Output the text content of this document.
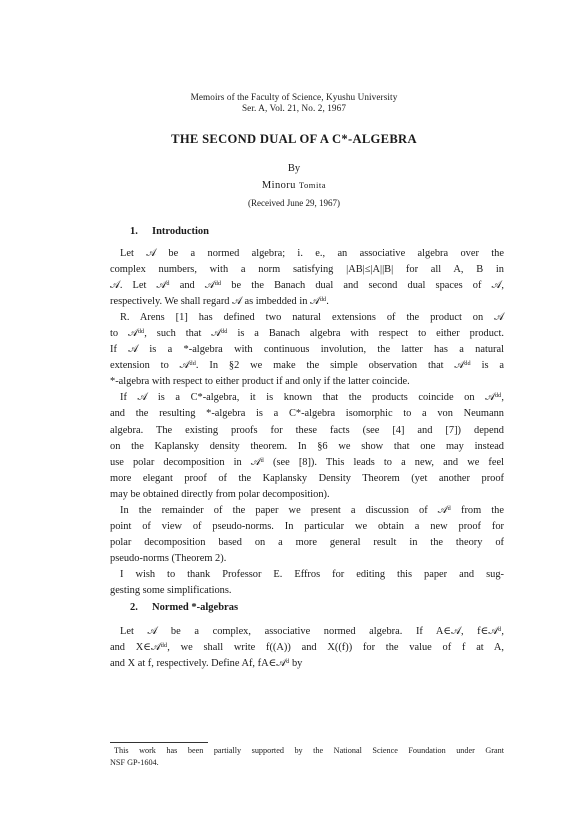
Memoirs of the Faculty of Science, Kyushu University
Ser. A, Vol. 21, No. 2, 1967
THE SECOND DUAL OF A C*-ALGEBRA
By
Minoru Tomita
(Received June 29, 1967)
1. Introduction
Let 𝒜 be a normed algebra; i. e., an associative algebra over the
complex numbers, with a norm satisfying |AB|≤|A||B| for all A, B in
𝒜. Let 𝒜ᵈ and 𝒜ᵈᵈ be the Banach dual and second dual spaces of 𝒜,
respectively. We shall regard 𝒜 as imbedded in 𝒜ᵈᵈ.
R. Arens [1] has defined two natural extensions of the product on 𝒜
to 𝒜ᵈᵈ, such that 𝒜ᵈᵈ is a Banach algebra with respect to either product.
If 𝒜 is a *-algebra with continuous involution, the latter has a natural
extension to 𝒜ᵈᵈ. In §2 we make the simple observation that 𝒜ᵈᵈ is a
*-algebra with respect to either product if and only if the latter coincide.
If 𝒜 is a C*-algebra, it is known that the products coincide on 𝒜ᵈᵈ,
and the resulting *-algebra is a C*-algebra isomorphic to a von Neumann
algebra. The existing proofs for these facts (see [4] and [7]) depend
on the Kaplansky density theorem. In §6 we show that one may instead
use polar decomposition in 𝒜ᵈ (see [8]). This leads to a new, and we feel
more elegant proof of the Kaplansky Density Theorem (yet another proof
may be obtained directly from polar decomposition).
In the remainder of the paper we present a discussion of 𝒜ᵈ from the
point of view of pseudo-norms. In particular we obtain a new proof for
polar decomposition based on a more general result in the theory of
pseudo-norms (Theorem 2).
I wish to thank Professor E. Effros for editing this paper and sug-
gesting some simplifications.
2. Normed *-algebras
Let 𝒜 be a complex, associative normed algebra. If A∈𝒜, f∈𝒜ᵈ,
and X∈𝒜ᵈᵈ, we shall write f((A)) and X((f)) for the value of f at A,
and X at f, respectively. Define Af, fA∈𝒜ᵈ by
This work has been partially supported by the National Science Foundation under Grant
NSF GP-1604.
